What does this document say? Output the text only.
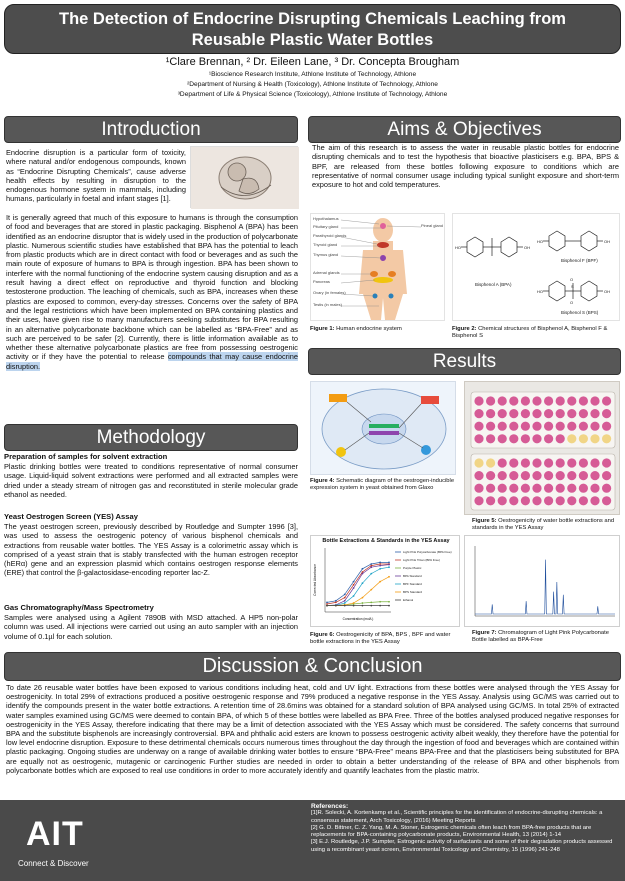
The Detection of Endocrine Disrupting Chemicals Leaching from
Reusable Plastic Water Bottles
¹Clare Brennan, ² Dr. Eileen Lane, ³ Dr. Concepta Brougham
¹Bioscience Research Institute, Athlone Institute of Technology, Athlone
²Department of Nursing & Health (Toxicology), Athlone Institute of Technology, Athlone
³Department of Life & Physical Science (Toxicology), Athlone Institute of Technology, Athlone
Introduction
Endocrine disruption is a particular form of toxicity, where natural and/or endogenous compounds, known as “Endocrine Disrupting Chemicals”, cause adverse health effects by resulting in disruption to the endogenous hormone system in mammals, including humans, particularly in foetal and infant stages [1].
It is generally agreed that much of this exposure to humans is through the consumption of food and beverages that are stored in plastic packaging. Bisphenol A (BPA) has been identified as an endocrine disruptor that is widely used in the production of polycarbonate plastic. Numerous scientific studies have established that BPA has the potential to leach from plastic products which are in direct contact with food or beverages and as such the main route of exposure of humans to BPA is through ingestion. BPA has been shown to interfere with the normal functioning of the endocrine system causing disruption and as a result having a direct effect on reproductive and thyroid function and blocking testosterone production. The leaching of chemicals, such as BPA, increases when these plastics are exposed to common, every-day stresses. Concerns over the safety of BPA and the legal restrictions which have been implemented on BPA containing plastics and their uses, have given rise to many manufacturers seeking substitutes for BPA resulting in an alternative polycarbonate backbone which can be labelled as “BPA-Free” and as such are perceived to be safer [2]. Currently, there is little information available as to whether these alternative polycarbonate plastics are free from possessing oestrogenic activity or if they have the potential to release compounds that may cause endocrine disruption.
Methodology
Preparation of samples for solvent extraction
Plastic drinking bottles were treated to conditions representative of normal consumer usage. Liquid-liquid solvent extractions were performed and all extracted samples were dried under a steady stream of nitrogen gas and reconstituted in sterile molecular grade ethanol as needed.
Yeast Oestrogen Screen (YES) Assay
The yeast oestrogen screen, previously described by Routledge and Sumpter 1996 [3], was used to assess the oestrogenic potency of various bisphenol chemicals and extractions from reusable water bottles. The YES Assay is a colorimetric assay which is comprised of a yeast strain that is stably transfected with the human estrogen receptor (hERα) gene and an expression plasmid which contains oestrogen response elements (ERE) that control the β-galactosidase-encoding reporter lac-Z.
Gas Chromatography/Mass Spectrometry
Samples were analysed using a Agilent 7890B with MSD attached. A HP5 non-polar column was used. All injections were carried out using an auto sampler with an injection volume of 0.1µl for each solution.
Aims & Objectives
The aim of this research is to assess the water in reusable plastic bottles for endocrine disrupting chemicals and to test the hypothesis that bioactive plasticisers e.g. BPA, BPS & BPF, are released from these bottles following exposure to conditions which are representative of normal consumer usage including typical sunlight exposure and short-term exposure to hot and cold temperatures.
Hypothalamus
Pituitary gland
Parathyroid glands
Thyroid gland
Thymus gland
Adrenal glands
Pancreas
Ovary (in females)
Testis (in males)
Pineal gland
Figure 1: Human endocrine system
HO	OH
HO	OH
HO	OH
O
O
S
Bisphenol A (BPA)
Bisphenol F (BPF)
Bisphenol S (BPS)
Figure 2: Chemical structures of Bisphenol A, Bisphenol F & Bisphenol S
Results
Figure 4: Schematic diagram of the oestrogen-inducible expression system in yeast obtained from Glaxo
Figure 5: Oestrogenicity of water bottle extractions and standards in the YES Assay
Bottle Extractions & Standards in the YES Assay
Corrected Absorbance
Concentration (mol/L)
Light Pink Polycarbonate (BPA Free)
Light Pink Tritan (BPA Free)
Purple Plastic
BPA Standard
BPF Standard
BPS Standard
Ethanol
Figure 6: Oestrogenicity of BPA, BPS , BPF and water bottle extractions in the YES Assay
Figure 7: Chromatogram of Light Pink Polycarbonate Bottle labelled as BPA-Free
Discussion & Conclusion
To date 26 reusable water bottles have been exposed to various conditions including heat, cold and UV light. Extractions from these bottles were analysed through the YES Assay for oestrogenicity. In total 29% of extractions produced a positive oestrogenic response and 79% produced a negative response in the YES Assay. Analysis using GC/MS was carried out to identify the compounds present in the water bottle extractions. A retention time of 28.6mins was obtained for a standard solution of BPA analysed using GC/MS. In total 25% of extracted water samples examined using GC/MS were deemed to contain BPA, of which 5 of these bottles were labelled as BPA Free. Three of the bottles analysed produced negative responses for oestrogenicity in the YES Assay, therefore indicating that there may be a limit of detection associated with the YES Assay which must be considered. The safety concerns that surround BPA and the substitute bisphenols are increasingly controversial. BPA and phthalic acid esters are known to possess oestrogenic activity albeit weakly, they therefore have the potential for low level endocrine disruption. Exposure to these detrimental chemicals occurs numerous times throughout the day through the ingestion of food and beverages which are contained within plastic packaging. Ongoing studies are underway on a range of available drinking water bottles to ensure “BPA-Free” means BPA-Free and that the plasticisers being substituted for BPA are equally not as oestrogenic, mutagenic or carcinogenic Further studies are needed in order to obtain a better understanding of the release of BPA and other bisphenols from polycarbonate bottles which are exposed to real use conditions in order to more accurately identify and quantify leachates from the plastic matrix.
AIT
Connect & Discover
References:
[1]R. Solecki, A. Kortenkamp et al., Scientific principles for the identification of endocrine-disrupting chemicals: a consensus statement, Arch Toxicology, (2016) Meeting Reports
[2] G. D. Bittner, C. Z. Yang, M. A. Stoner, Estrogenic chemicals often leach from BPA-free products that are replacements for BPA-containing polycarbonate products, Environmental Health, 13 (2014) 1-14
[3] E.J. Routledge, J.P. Sumpter, Estrogenic activity of surfactants and some of their degradation products assessed using a recombinant yeast screen, Environmental Toxicology and Chemistry, 15 (1996) 241-248
